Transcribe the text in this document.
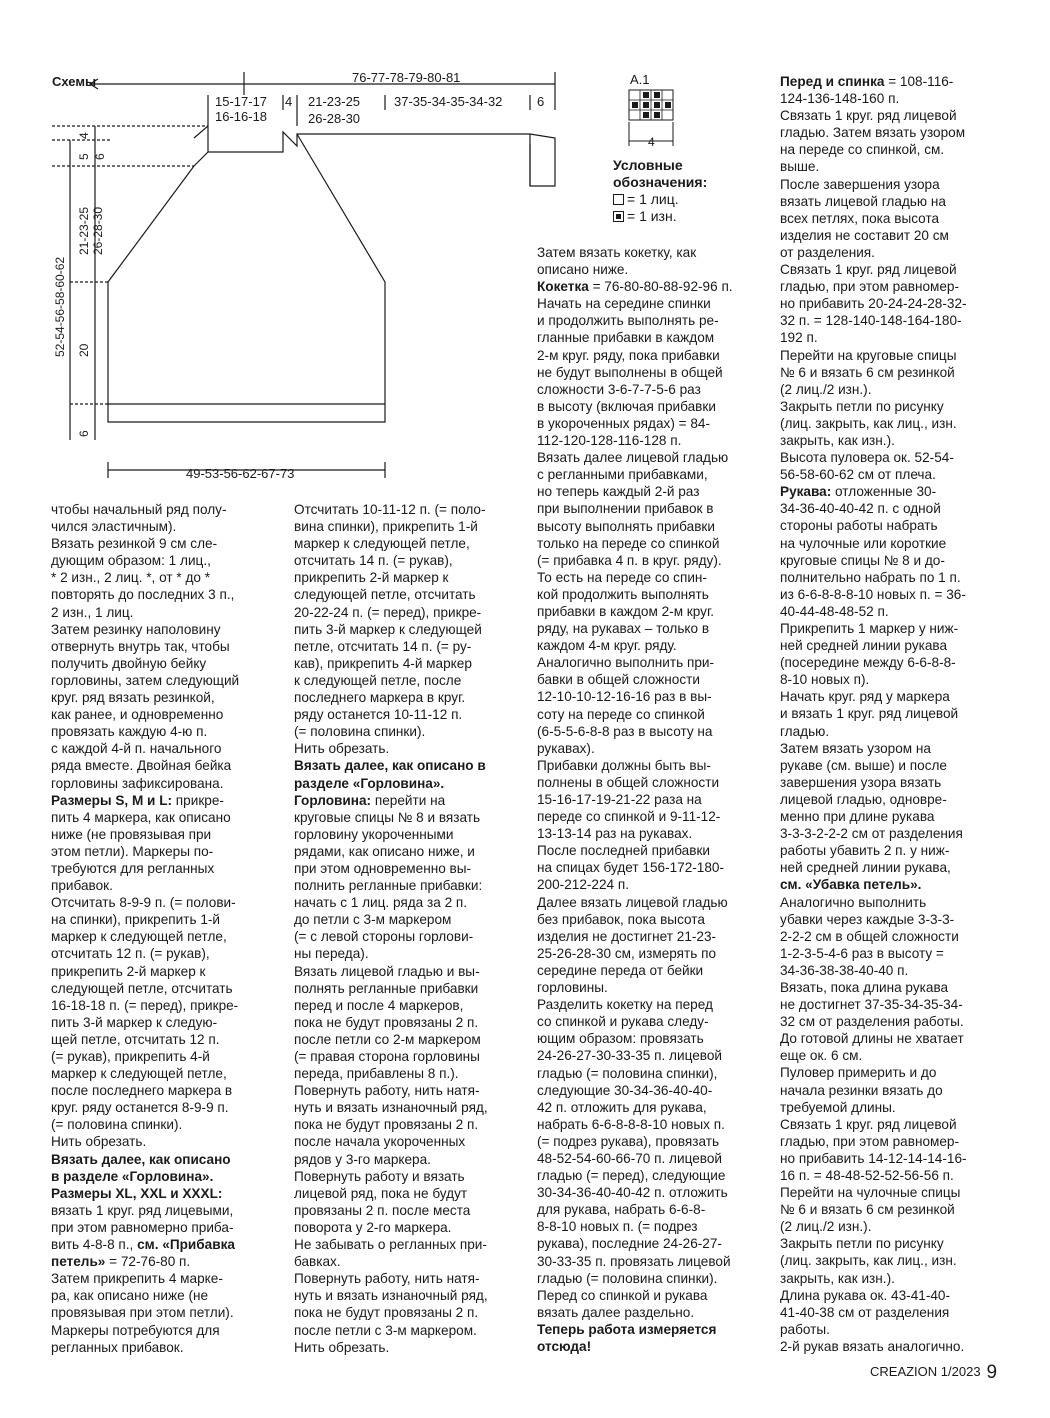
Схемы	76-77-78-79-80-81
15-17-17
16-16-18
4 21-23-25
26-28-30
37-35-34-35-34-32	6
4
5 6
21-23-25 26-28-30
52-54-56-58-60-62 20
6
49-53-56-62-67-73
A.1
4
Условные
обозначения:
= 1 лиц.
= 1 изн.
чтобы начальный ряд полу-
чился эластичным).
Вязать резинкой 9 см сле-
дующим образом: 1 лиц.,
* 2 изн., 2 лиц. *, от * до *
повторять до последних 3 п.,
2 изн., 1 лиц.
Затем резинку наполовину
отвернуть внутрь так, чтобы
получить двойную бейку
горловины, затем следующий
круг. ряд вязать резинкой,
как ранее, и одновременно
провязать каждую 4-ю п.
с каждой 4-й п. начального
ряда вместе. Двойная бейка
горловины зафиксирована.
Размеры S, M и L: прикре-
пить 4 маркера, как описано
ниже (не провязывая при
этом петли). Маркеры по-
требуются для регланных
прибавок.
Отсчитать 8-9-9 п. (= полови-
на спинки), прикрепить 1-й
маркер к следующей петле,
отсчитать 12 п. (= рукав),
прикрепить 2-й маркер к
следующей петле, отсчитать
16-18-18 п. (= перед), прикре-
пить 3-й маркер к следую-
щей петле, отсчитать 12 п.
(= рукав), прикрепить 4-й
маркер к следующей петле,
после последнего маркера в
круг. ряду останется 8-9-9 п.
(= половина спинки).
Нить обрезать.
Вязать далее, как описано
в разделе «Горловина».
Размеры XL, XXL и XXXL:
вязать 1 круг. ряд лицевыми,
при этом равномерно приба-
вить 4-8-8 п., см. «Прибавка
петель» = 72-76-80 п.
Затем прикрепить 4 марке-
ра, как описано ниже (не
провязывая при этом петли).
Маркеры потребуются для
регланных прибавок.
Отсчитать 10-11-12 п. (= поло-
вина спинки), прикрепить 1-й
маркер к следующей петле,
отсчитать 14 п. (= рукав),
прикрепить 2-й маркер к
следующей петле, отсчитать
20-22-24 п. (= перед), прикре-
пить 3-й маркер к следующей
петле, отсчитать 14 п. (= ру-
кав), прикрепить 4-й маркер
к следующей петле, после
последнего маркера в круг.
ряду останется 10-11-12 п.
(= половина спинки).
Нить обрезать.
Вязать далее, как описано в
разделе «Горловина».
Горловина: перейти на
круговые спицы № 8 и вязать
горловину укороченными
рядами, как описано ниже, и
при этом одновременно вы-
полнить регланные прибавки:
начать с 1 лиц. ряда за 2 п.
до петли с 3-м маркером
(= с левой стороны горлови-
ны переда).
Вязать лицевой гладью и вы-
полнять регланные прибавки
перед и после 4 маркеров,
пока не будут провязаны 2 п.
после петли со 2-м маркером
(= правая сторона горловины
переда, прибавлены 8 п.).
Повернуть работу, нить натя-
нуть и вязать изнаночный ряд,
пока не будут провязаны 2 п.
после начала укороченных
рядов у 3-го маркера.
Повернуть работу и вязать
лицевой ряд, пока не будут
провязаны 2 п. после места
поворота у 2-го маркера.
Не забывать о регланных при-
бавках.
Повернуть работу, нить натя-
нуть и вязать изнаночный ряд,
пока не будут провязаны 2 п.
после петли с 3-м маркером.
Нить обрезать.
Затем вязать кокетку, как
описано ниже.
Кокетка = 76-80-80-88-92-96 п.
Начать на середине спинки
и продолжить выполнять ре-
гланные прибавки в каждом
2-м круг. ряду, пока прибавки
не будут выполнены в общей
сложности 3-6-7-7-5-6 раз
в высоту (включая прибавки
в укороченных рядах) = 84-
112-120-128-116-128 п.
Вязать далее лицевой гладью
с регланными прибавками,
но теперь каждый 2-й раз
при выполнении прибавок в
высоту выполнять прибавки
только на переде со спинкой
(= прибавка 4 п. в круг. ряду).
То есть на переде со спин-
кой продолжить выполнять
прибавки в каждом 2-м круг.
ряду, на рукавах – только в
каждом 4-м круг. ряду.
Аналогично выполнить при-
бавки в общей сложности
12-10-10-12-16-16 раз в вы-
соту на переде со спинкой
(6-5-5-6-8-8 раз в высоту на
рукавах).
Прибавки должны быть вы-
полнены в общей сложности
15-16-17-19-21-22 раза на
переде со спинкой и 9-11-12-
13-13-14 раз на рукавах.
После последней прибавки
на спицах будет 156-172-180-
200-212-224 п.
Далее вязать лицевой гладью
без прибавок, пока высота
изделия не достигнет 21-23-
25-26-28-30 см, измерять по
середине переда от бейки
горловины.
Разделить кокетку на перед
со спинкой и рукава следу-
ющим образом: провязать
24-26-27-30-33-35 п. лицевой
гладью (= половина спинки),
следующие 30-34-36-40-40-
42 п. отложить для рукава,
набрать 6-6-8-8-8-10 новых п.
(= подрез рукава), провязать
48-52-54-60-66-70 п. лицевой
гладью (= перед), следующие
30-34-36-40-40-42 п. отложить
для рукава, набрать 6-6-8-
8-8-10 новых п. (= подрез
рукава), последние 24-26-27-
30-33-35 п. провязать лицевой
гладью (= половина спинки).
Перед со спинкой и рукава
вязать далее раздельно.
Теперь работа измеряется
отсюда!
Перед и спинка = 108-116-
124-136-148-160 п.
Связать 1 круг. ряд лицевой
гладью. Затем вязать узором
на переде со спинкой, см.
выше.
После завершения узора
вязать лицевой гладью на
всех петлях, пока высота
изделия не составит 20 см
от разделения.
Связать 1 круг. ряд лицевой
гладью, при этом равномер-
но прибавить 20-24-24-28-32-
32 п. = 128-140-148-164-180-
192 п.
Перейти на круговые спицы
№ 6 и вязать 6 см резинкой
(2 лиц./2 изн.).
Закрыть петли по рисунку
(лиц. закрыть, как лиц., изн.
закрыть, как изн.).
Высота пуловера ок. 52-54-
56-58-60-62 см от плеча.
Рукава: отложенные 30-
34-36-40-40-42 п. с одной
стороны работы набрать
на чулочные или короткие
круговые спицы № 8 и до-
полнительно набрать по 1 п.
из 6-6-8-8-8-10 новых п. = 36-
40-44-48-48-52 п.
Прикрепить 1 маркер у ниж-
ней средней линии рукава
(посередине между 6-6-8-8-
8-10 новых п).
Начать круг. ряд у маркера
и вязать 1 круг. ряд лицевой
гладью.
Затем вязать узором на
рукаве (см. выше) и после
завершения узора вязать
лицевой гладью, одновре-
менно при длине рукава
3-3-3-2-2-2 см от разделения
работы убавить 2 п. у ниж-
ней средней линии рукава,
см. «Убавка петель».
Аналогично выполнить
убавки через каждые 3-3-3-
2-2-2 см в общей сложности
1-2-3-5-4-6 раз в высоту =
34-36-38-38-40-40 п.
Вязать, пока длина рукава
не достигнет 37-35-34-35-34-
32 см от разделения работы.
До готовой длины не хватает
еще ок. 6 см.
Пуловер примерить и до
начала резинки вязать до
требуемой длины.
Связать 1 круг. ряд лицевой
гладью, при этом равномер-
но прибавить 14-12-14-14-16-
16 п. = 48-48-52-52-56-56 п.
Перейти на чулочные спицы
№ 6 и вязать 6 см резинкой
(2 лиц./2 изн.).
Закрыть петли по рисунку
(лиц. закрыть, как лиц., изн.
закрыть, как изн.).
Длина рукава ок. 43-41-40-
41-40-38 см от разделения
работы.
2-й рукав вязать аналогично.
CREAZION 1/2023 9
